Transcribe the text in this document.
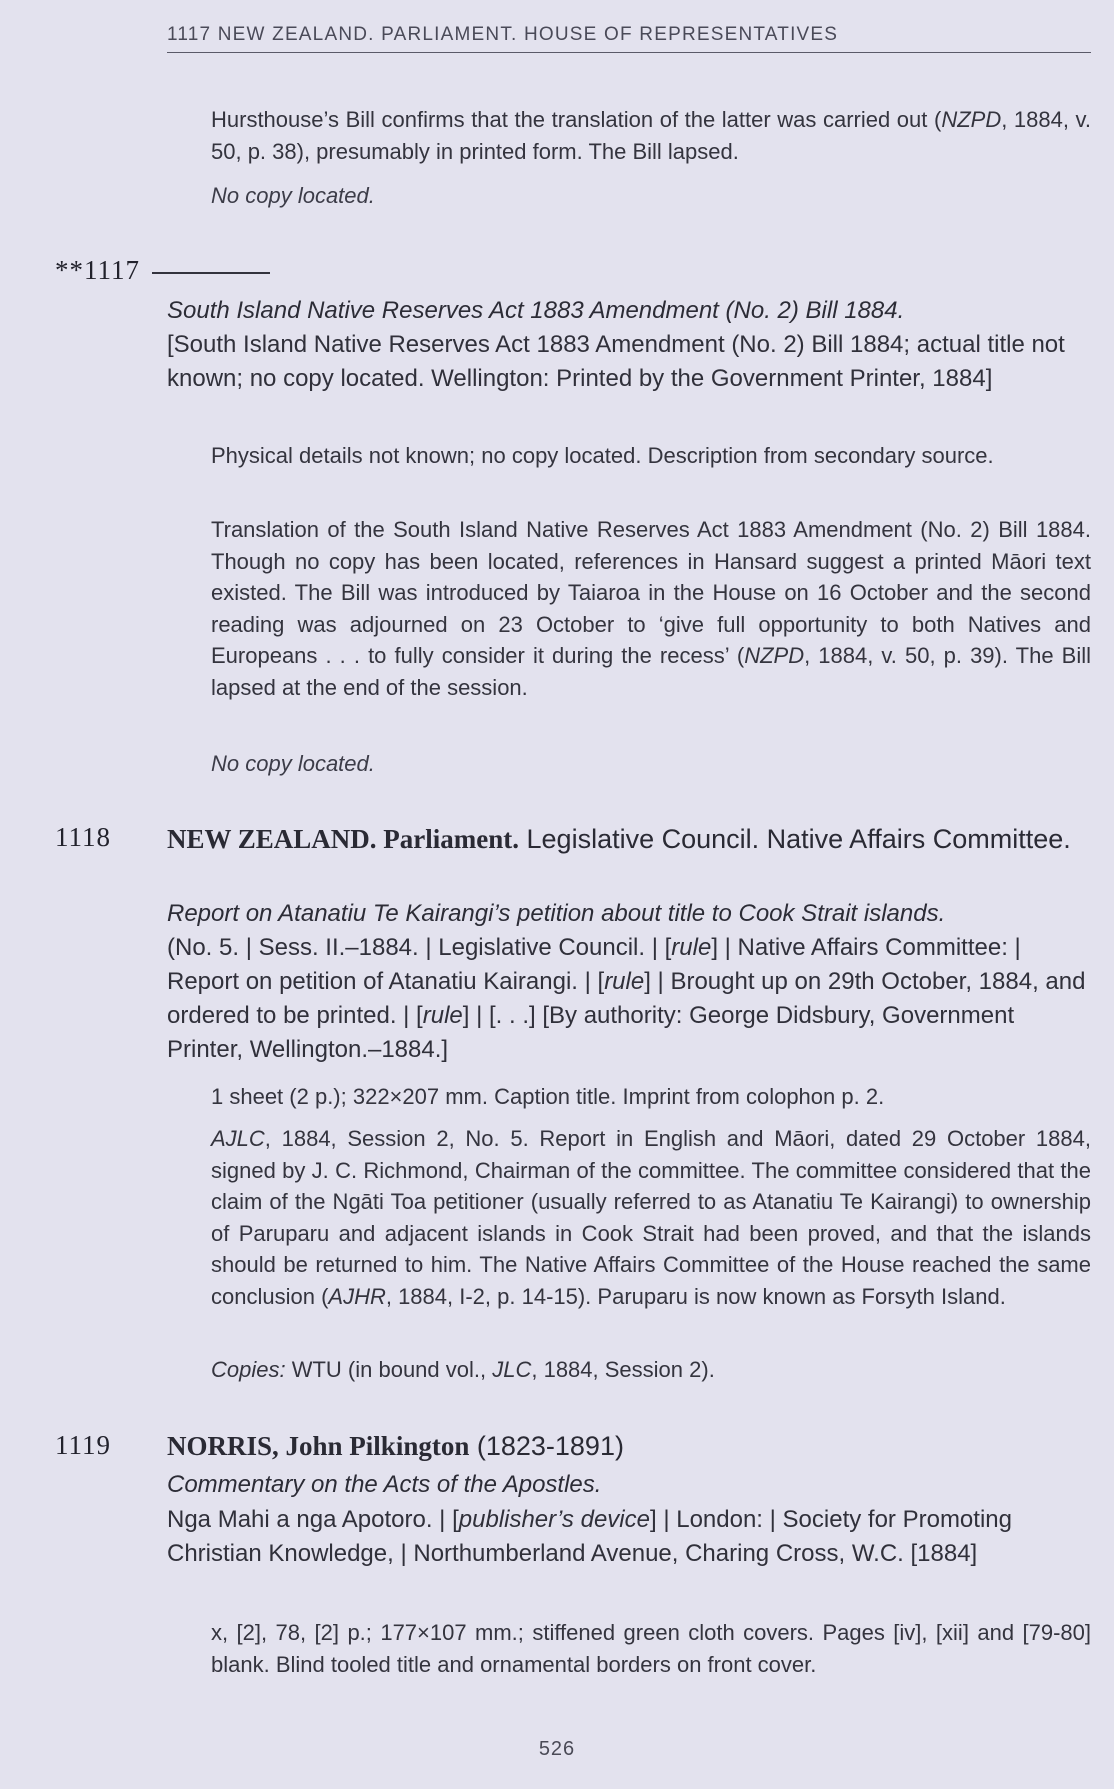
1117 NEW ZEALAND. PARLIAMENT. HOUSE OF REPRESENTATIVES
Hursthouse’s Bill confirms that the translation of the latter was carried out (NZPD, 1884, v. 50, p. 38), presumably in printed form. The Bill lapsed.
No copy located.
**1117
South Island Native Reserves Act 1883 Amendment (No. 2) Bill 1884.
[South Island Native Reserves Act 1883 Amendment (No. 2) Bill 1884; actual title not known; no copy located. Wellington: Printed by the Government Printer, 1884]
Physical details not known; no copy located. Description from secondary source.
Translation of the South Island Native Reserves Act 1883 Amendment (No. 2) Bill 1884. Though no copy has been located, references in Hansard suggest a printed Māori text existed. The Bill was introduced by Taiaroa in the House on 16 October and the second reading was adjourned on 23 October to ‘give full opportunity to both Natives and Europeans . . . to fully consider it during the recess’ (NZPD, 1884, v. 50, p. 39). The Bill lapsed at the end of the session.
No copy located.
1118 NEW ZEALAND. Parliament. Legislative Council. Native Affairs Committee.
Report on Atanatiu Te Kairangi’s petition about title to Cook Strait islands.
(No. 5. | Sess. II.–1884. | Legislative Council. | [rule] | Native Affairs Committee: | Report on petition of Atanatiu Kairangi. | [rule] | Brought up on 29th October, 1884, and ordered to be printed. | [rule] | [. . .] [By authority: George Didsbury, Government Printer, Wellington.–1884.]
1 sheet (2 p.); 322×207 mm. Caption title. Imprint from colophon p. 2.
AJLC, 1884, Session 2, No. 5. Report in English and Māori, dated 29 October 1884, signed by J. C. Richmond, Chairman of the committee. The committee considered that the claim of the Ngāti Toa petitioner (usually referred to as Atanatiu Te Kairangi) to ownership of Paruparu and adjacent islands in Cook Strait had been proved, and that the islands should be returned to him. The Native Affairs Committee of the House reached the same conclusion (AJHR, 1884, I-2, p. 14-15). Paruparu is now known as Forsyth Island.
Copies: WTU (in bound vol., JLC, 1884, Session 2).
1119 NORRIS, John Pilkington (1823-1891)
Commentary on the Acts of the Apostles.
Nga Mahi a nga Apotoro. | [publisher’s device] | London: | Society for Promoting Christian Knowledge, | Northumberland Avenue, Charing Cross, W.C. [1884]
x, [2], 78, [2] p.; 177×107 mm.; stiffened green cloth covers. Pages [iv], [xii] and [79-80] blank. Blind tooled title and ornamental borders on front cover.
526
